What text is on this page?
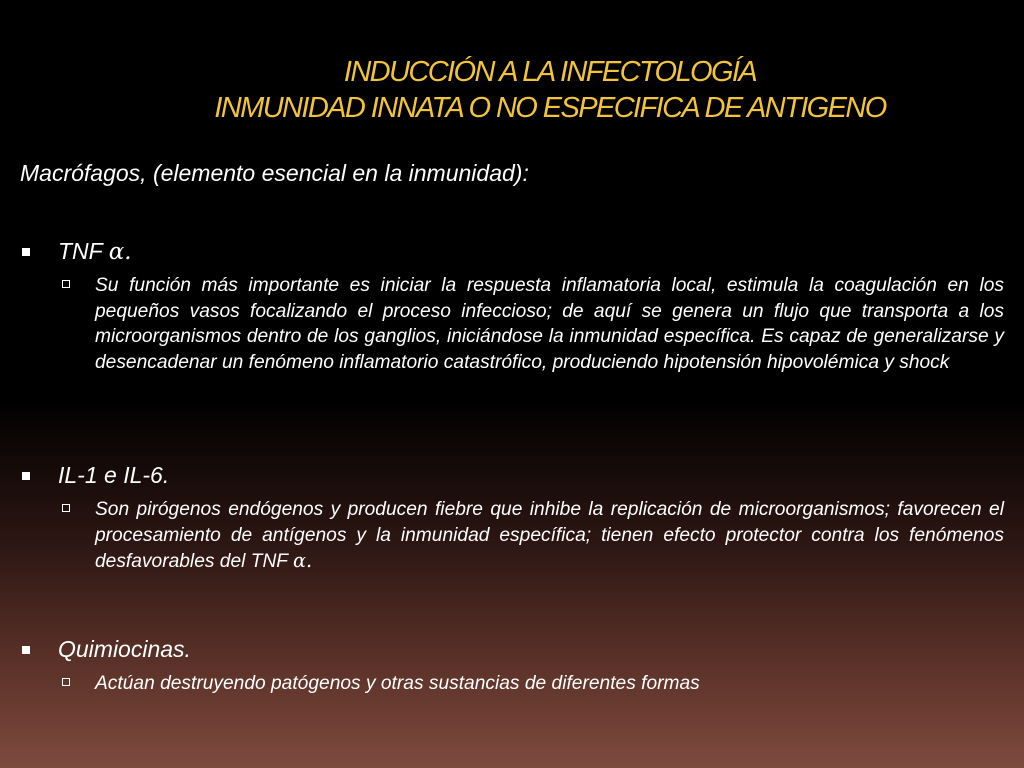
INDUCCIÓN A LA INFECTOLOGÍA
INMUNIDAD INNATA O NO ESPECIFICA DE ANTIGENO
Macrófagos, (elemento esencial en la inmunidad):
TNF α.
Su función más importante es iniciar la respuesta inflamatoria local, estimula la coagulación en los pequeños vasos focalizando el proceso infeccioso; de aquí se genera un flujo que transporta a los microorganismos dentro de los ganglios, iniciándose la inmunidad específica. Es capaz de generalizarse y desencadenar un fenómeno inflamatorio catastrófico, produciendo hipotensión hipovolémica y shock
IL-1 e IL-6.
Son pirógenos endógenos y producen fiebre que inhibe la replicación de microorganismos; favorecen el procesamiento de antígenos y la inmunidad específica; tienen efecto protector contra los fenómenos desfavorables del TNF α.
Quimiocinas.
Actúan destruyendo patógenos y otras sustancias de diferentes formas
